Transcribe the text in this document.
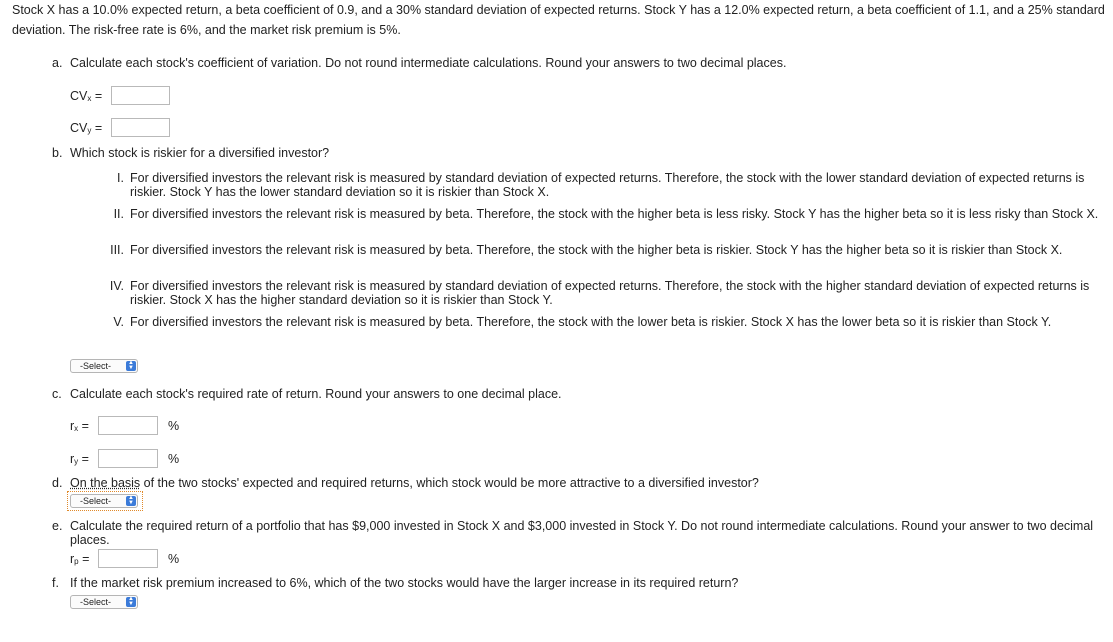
Stock X has a 10.0% expected return, a beta coefficient of 0.9, and a 30% standard deviation of expected returns. Stock Y has a 12.0% expected return, a beta coefficient of 1.1, and a 25% standard deviation. The risk-free rate is 6%, and the market risk premium is 5%.
a. Calculate each stock's coefficient of variation. Do not round intermediate calculations. Round your answers to two decimal places.
$CV_x$ =
$CV_y$ =
b. Which stock is riskier for a diversified investor?
I. For diversified investors the relevant risk is measured by standard deviation of expected returns. Therefore, the stock with the lower standard deviation of expected returns is riskier. Stock Y has the lower standard deviation so it is riskier than Stock X.
II. For diversified investors the relevant risk is measured by beta. Therefore, the stock with the higher beta is less risky. Stock Y has the higher beta so it is less risky than Stock X.
III. For diversified investors the relevant risk is measured by beta. Therefore, the stock with the higher beta is riskier. Stock Y has the higher beta so it is riskier than Stock X.
IV. For diversified investors the relevant risk is measured by standard deviation of expected returns. Therefore, the stock with the higher standard deviation of expected returns is riskier. Stock X has the higher standard deviation so it is riskier than Stock Y.
V. For diversified investors the relevant risk is measured by beta. Therefore, the stock with the lower beta is riskier. Stock X has the lower beta so it is riskier than Stock Y.
-Select-	▲
▼
c. Calculate each stock's required rate of return. Round your answers to one decimal place.
$r_x$ =	%
$r_y$ =	%
d. On the basis of the two stocks' expected and required returns, which stock would be more attractive to a diversified investor?
-Select-	▲
▼
e. Calculate the required return of a portfolio that has $9,000 invested in Stock X and $3,000 invested in Stock Y. Do not round intermediate calculations. Round your answer to two decimal places.
$r_p$ =	%
f. If the market risk premium increased to 6%, which of the two stocks would have the larger increase in its required return?
-Select-	▲
▼
